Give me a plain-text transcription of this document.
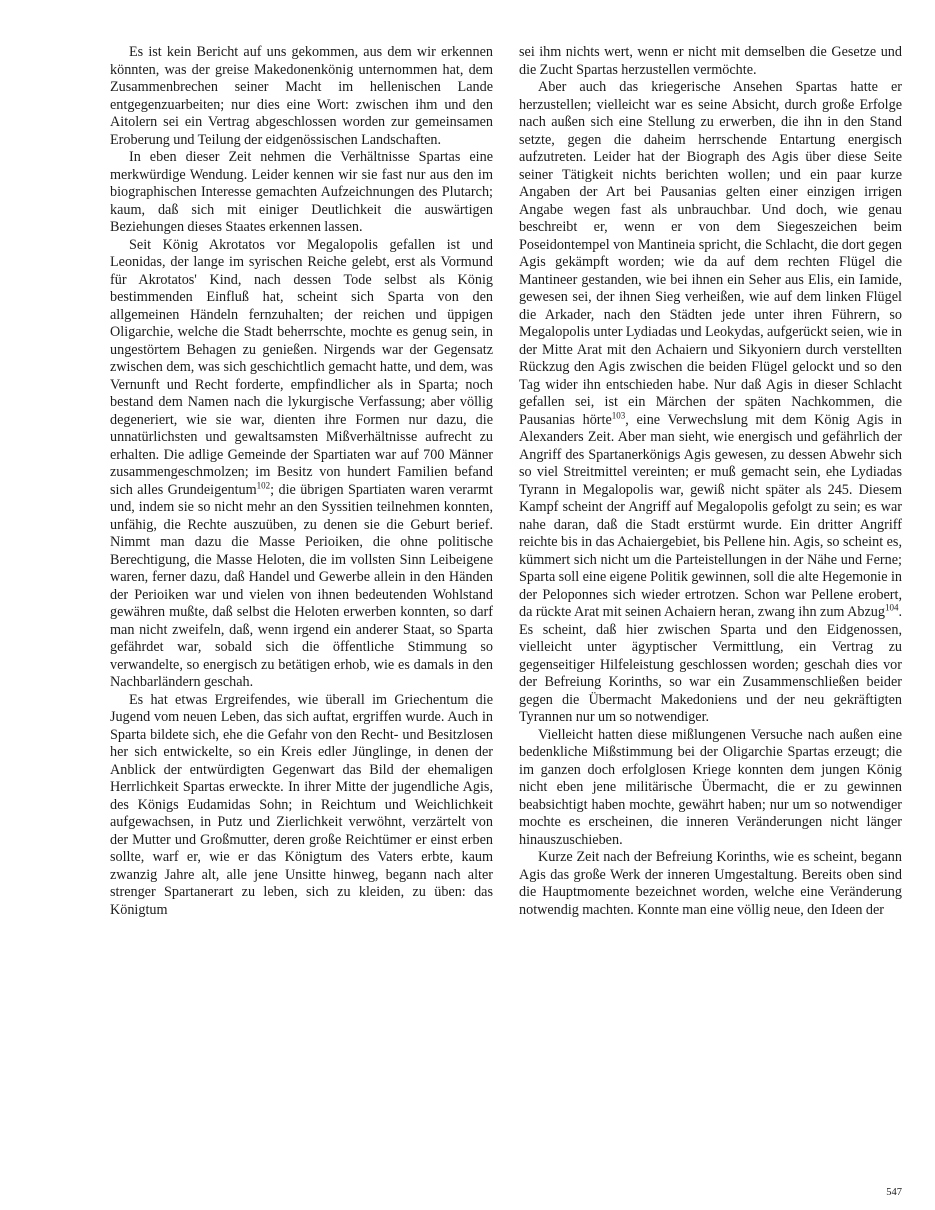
Es ist kein Bericht auf uns gekommen, aus dem wir erkennen könnten, was der greise Makedonenkönig unternommen hat, dem Zusammenbrechen seiner Macht im hellenischen Lande entgegenzuarbeiten; nur dies eine Wort: zwischen ihm und den Aitolern sei ein Vertrag abgeschlossen worden zur gemeinsamen Eroberung und Teilung der eidgenössischen Landschaften.

In eben dieser Zeit nehmen die Verhältnisse Spartas eine merkwürdige Wendung. Leider kennen wir sie fast nur aus den im biographischen Interesse gemachten Aufzeichnungen des Plutarch; kaum, daß sich mit einiger Deutlichkeit die auswärtigen Beziehungen dieses Staates erkennen lassen.

Seit König Akrotatos vor Megalopolis gefallen ist und Leonidas, der lange im syrischen Reiche gelebt, erst als Vormund für Akrotatos' Kind, nach dessen Tode selbst als König bestimmenden Einfluß hat, scheint sich Sparta von den allgemeinen Händeln fernzuhalten; der reichen und üppigen Oligarchie, welche die Stadt beherrschte, mochte es genug sein, in ungestörtem Behagen zu genießen. Nirgends war der Gegensatz zwischen dem, was sich geschichtlich gemacht hatte, und dem, was Vernunft und Recht forderte, empfindlicher als in Sparta; noch bestand dem Namen nach die lykurgische Verfassung; aber völlig degeneriert, wie sie war, dienten ihre Formen nur dazu, die unnatürlichsten und gewaltsamsten Mißverhältnisse aufrecht zu erhalten. Die adlige Gemeinde der Spartiaten war auf 700 Männer zusammengeschmolzen; im Besitz von hundert Familien befand sich alles Grundeigentum$^{102}$; die übrigen Spartiaten waren verarmt und, indem sie so nicht mehr an den Syssitien teilnehmen konnten, unfähig, die Rechte auszuüben, zu denen sie die Geburt berief. Nimmt man dazu die Masse Perioiken, die ohne politische Berechtigung, die Masse Heloten, die im vollsten Sinn Leibeigene waren, ferner dazu, daß Handel und Gewerbe allein in den Händen der Perioiken war und vielen von ihnen bedeutenden Wohlstand gewähren mußte, daß selbst die Heloten erwerben konnten, so darf man nicht zweifeln, daß, wenn irgend ein anderer Staat, so Sparta gefährdet war, sobald sich die öffentliche Stimmung so verwandelte, so energisch zu betätigen erhob, wie es damals in den Nachbarländern geschah.

Es hat etwas Ergreifendes, wie überall im Griechentum die Jugend vom neuen Leben, das sich auftat, ergriffen wurde. Auch in Sparta bildete sich, ehe die Gefahr von den Recht- und Besitzlosen her sich entwickelte, so ein Kreis edler Jünglinge, in denen der Anblick der entwürdigten Gegenwart das Bild der ehemaligen Herrlichkeit Spartas erweckte. In ihrer Mitte der jugendliche Agis, des Königs Eudamidas Sohn; in Reichtum und Weichlichkeit aufgewachsen, in Putz und Zierlichkeit verwöhnt, verzärtelt von der Mutter und Großmutter, deren große Reichtümer er einst erben sollte, warf er, wie er das Königtum des Vaters erbte, kaum zwanzig Jahre alt, alle jene Unsitte hinweg, begann nach alter strenger Spartanerart zu leben, sich zu kleiden, zu üben: das Königtum

sei ihm nichts wert, wenn er nicht mit demselben die Gesetze und die Zucht Spartas herzustellen vermöchte.

Aber auch das kriegerische Ansehen Spartas hatte er herzustellen; vielleicht war es seine Absicht, durch große Erfolge nach außen sich eine Stellung zu erwerben, die ihn in den Stand setzte, gegen die daheim herrschende Entartung energisch aufzutreten. Leider hat der Biograph des Agis über diese Seite seiner Tätigkeit nichts berichten wollen; und ein paar kurze Angaben der Art bei Pausanias gelten einer einzigen irrigen Angabe wegen fast als unbrauchbar. Und doch, wie genau beschreibt er, wenn er von dem Siegeszeichen beim Poseidontempel von Mantineia spricht, die Schlacht, die dort gegen Agis gekämpft worden; wie da auf dem rechten Flügel die Mantineer gestanden, wie bei ihnen ein Seher aus Elis, ein Iamide, gewesen sei, der ihnen Sieg verheißen, wie auf dem linken Flügel die Arkader, nach den Städten jede unter ihren Führern, so Megalopolis unter Lydiadas und Leokydas, aufgerückt seien, wie in der Mitte Arat mit den Achaiern und Sikyoniern durch verstellten Rückzug den Agis zwischen die beiden Flügel gelockt und so den Tag wider ihn entschieden habe. Nur daß Agis in dieser Schlacht gefallen sei, ist ein Märchen der späten Nachkommen, die Pausanias hörte$^{103}$, eine Verwechslung mit dem König Agis in Alexanders Zeit. Aber man sieht, wie energisch und gefährlich der Angriff des Spartanerkönigs Agis gewesen, zu dessen Abwehr sich so viel Streitmittel vereinten; er muß gemacht sein, ehe Lydiadas Tyrann in Megalopolis war, gewiß nicht später als 245. Diesem Kampf scheint der Angriff auf Megalopolis gefolgt zu sein; es war nahe daran, daß die Stadt erstürmt wurde. Ein dritter Angriff reichte bis in das Achaiergebiet, bis Pellene hin. Agis, so scheint es, kümmert sich nicht um die Parteistellungen in der Nähe und Ferne; Sparta soll eine eigene Politik gewinnen, soll die alte Hegemonie in der Peloponnes sich wieder ertrotzen. Schon war Pellene erobert, da rückte Arat mit seinen Achaiern heran, zwang ihn zum Abzug$^{104}$. Es scheint, daß hier zwischen Sparta und den Eidgenossen, vielleicht unter ägyptischer Vermittlung, ein Vertrag zu gegenseitiger Hilfeleistung geschlossen worden; geschah dies vor der Befreiung Korinths, so war ein Zusammenschließen beider gegen die Übermacht Makedoniens und der neu gekräftigten Tyrannen nur um so notwendiger.

Vielleicht hatten diese mißlungenen Versuche nach außen eine bedenkliche Mißstimmung bei der Oligarchie Spartas erzeugt; die im ganzen doch erfolglosen Kriege konnten dem jungen König nicht eben jene militärische Übermacht, die er zu gewinnen beabsichtigt haben mochte, gewährt haben; nur um so notwendiger mochte es erscheinen, die inneren Veränderungen nicht länger hinauszuschieben.

Kurze Zeit nach der Befreiung Korinths, wie es scheint, begann Agis das große Werk der inneren Umgestaltung. Bereits oben sind die Hauptmomente bezeichnet worden, welche eine Veränderung notwendig machten. Konnte man eine völlig neue, den Ideen der

547
